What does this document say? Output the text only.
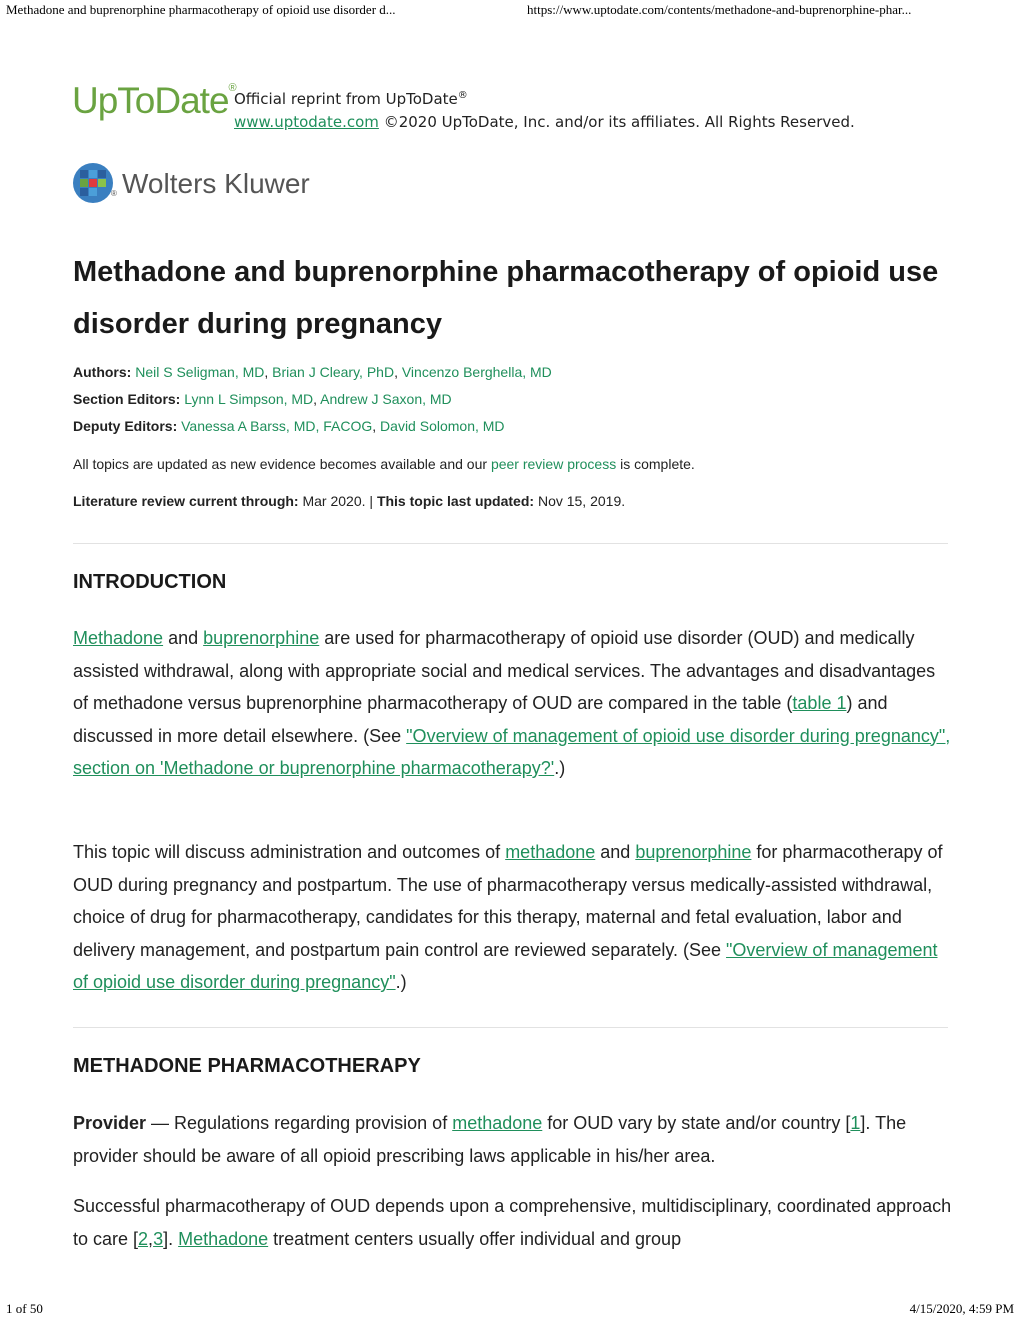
Methadone and buprenorphine pharmacotherapy of opioid use disorder d...	https://www.uptodate.com/contents/methadone-and-buprenorphine-phar...
UpToDate®
Official reprint from UpToDate®
www.uptodate.com ©2020 UpToDate, Inc. and/or its affiliates. All Rights Reserved.
® Wolters Kluwer
Methadone and buprenorphine pharmacotherapy of opioid use disorder during pregnancy
Authors: Neil S Seligman, MD, Brian J Cleary, PhD, Vincenzo Berghella, MD
Section Editors: Lynn L Simpson, MD, Andrew J Saxon, MD
Deputy Editors: Vanessa A Barss, MD, FACOG, David Solomon, MD
All topics are updated as new evidence becomes available and our peer review process is complete.
Literature review current through: Mar 2020. | This topic last updated: Nov 15, 2019.
INTRODUCTION

Methadone and buprenorphine are used for pharmacotherapy of opioid use disorder (OUD) and medically assisted withdrawal, along with appropriate social and medical services. The advantages and disadvantages of methadone versus buprenorphine pharmacotherapy of OUD are compared in the table (table 1) and discussed in more detail elsewhere. (See "Overview of management of opioid use disorder during pregnancy", section on 'Methadone or buprenorphine pharmacotherapy?'.)

This topic will discuss administration and outcomes of methadone and buprenorphine for pharmacotherapy of OUD during pregnancy and postpartum. The use of pharmacotherapy versus medically-assisted withdrawal, choice of drug for pharmacotherapy, candidates for this therapy, maternal and fetal evaluation, labor and delivery management, and postpartum pain control are reviewed separately. (See "Overview of management of opioid use disorder during pregnancy".)

METHADONE PHARMACOTHERAPY

Provider — Regulations regarding provision of methadone for OUD vary by state and/or country [1]. The provider should be aware of all opioid prescribing laws applicable in his/her area.

Successful pharmacotherapy of OUD depends upon a comprehensive, multidisciplinary, coordinated approach to care [2,3]. Methadone treatment centers usually offer individual and group

1 of 50	4/15/2020, 4:59 PM
